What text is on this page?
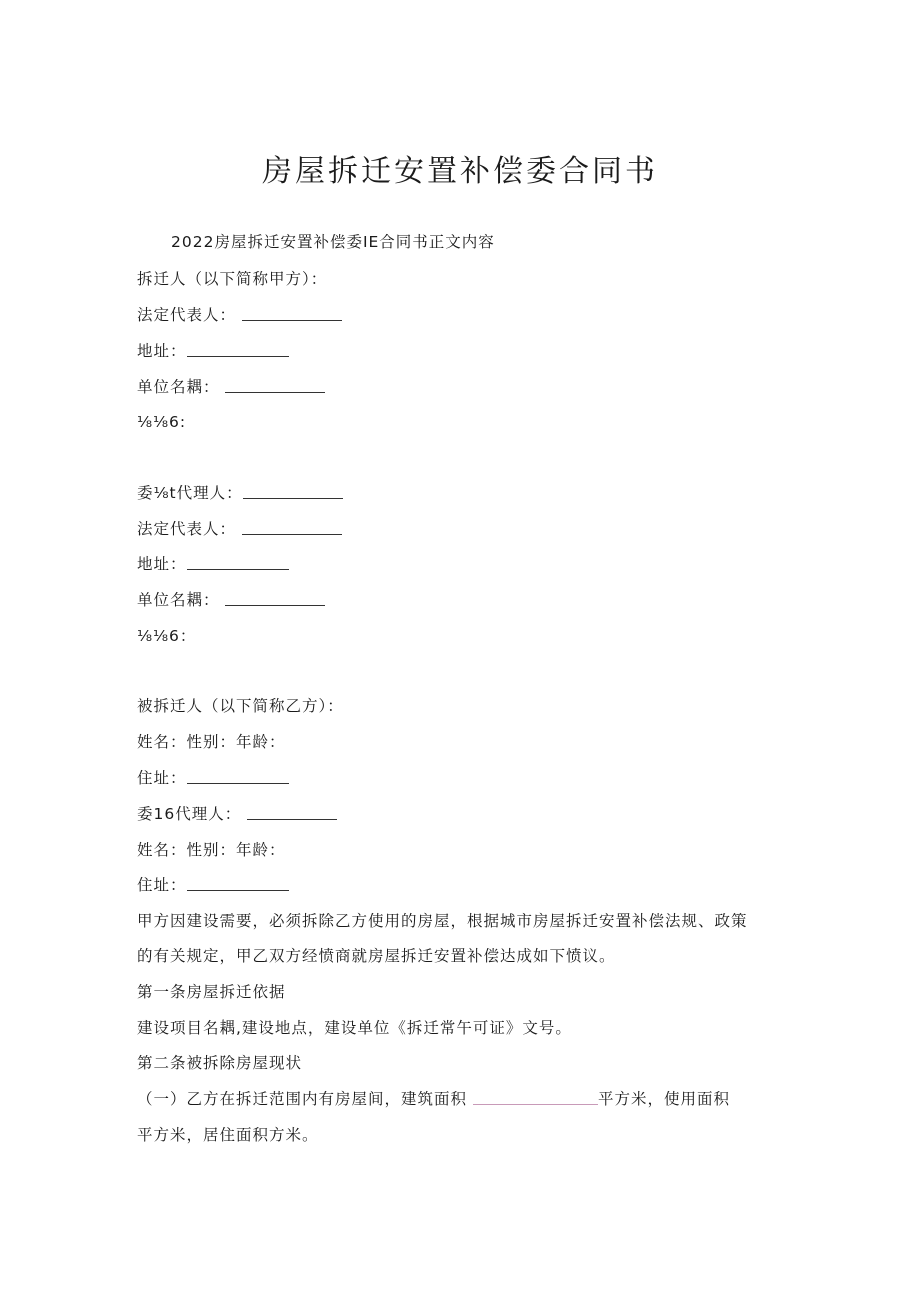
房屋拆迁安置补偿委合同书
2022房屋拆迁安置补偿委IE合同书正文内容
拆迁人（以下简称甲方）：
法定代表人：
地址：
单位名耦：
⅛⅛6:
委⅛t代理人：
法定代表人：
地址：
单位名耦：
⅛⅛6：
被拆迁人（以下简称乙方）：
姓名：性别：年龄：
住址：
委16代理人：
姓名：性别：年龄：
住址：
甲方因建设需要，必须拆除乙方使用的房屋，根据城市房屋拆迁安置补偿法规、政策
的有关规定，甲乙双方经愤商就房屋拆迁安置补偿达成如下愤议。
第一条房屋拆迁依据
建设项目名耦,建设地点，建设单位《拆迁常午可证》文号。
第二条被拆除房屋现状
（一）乙方在拆迁范围内有房屋间，建筑面积	平方米，使用面积
平方米，居住面积方米。
